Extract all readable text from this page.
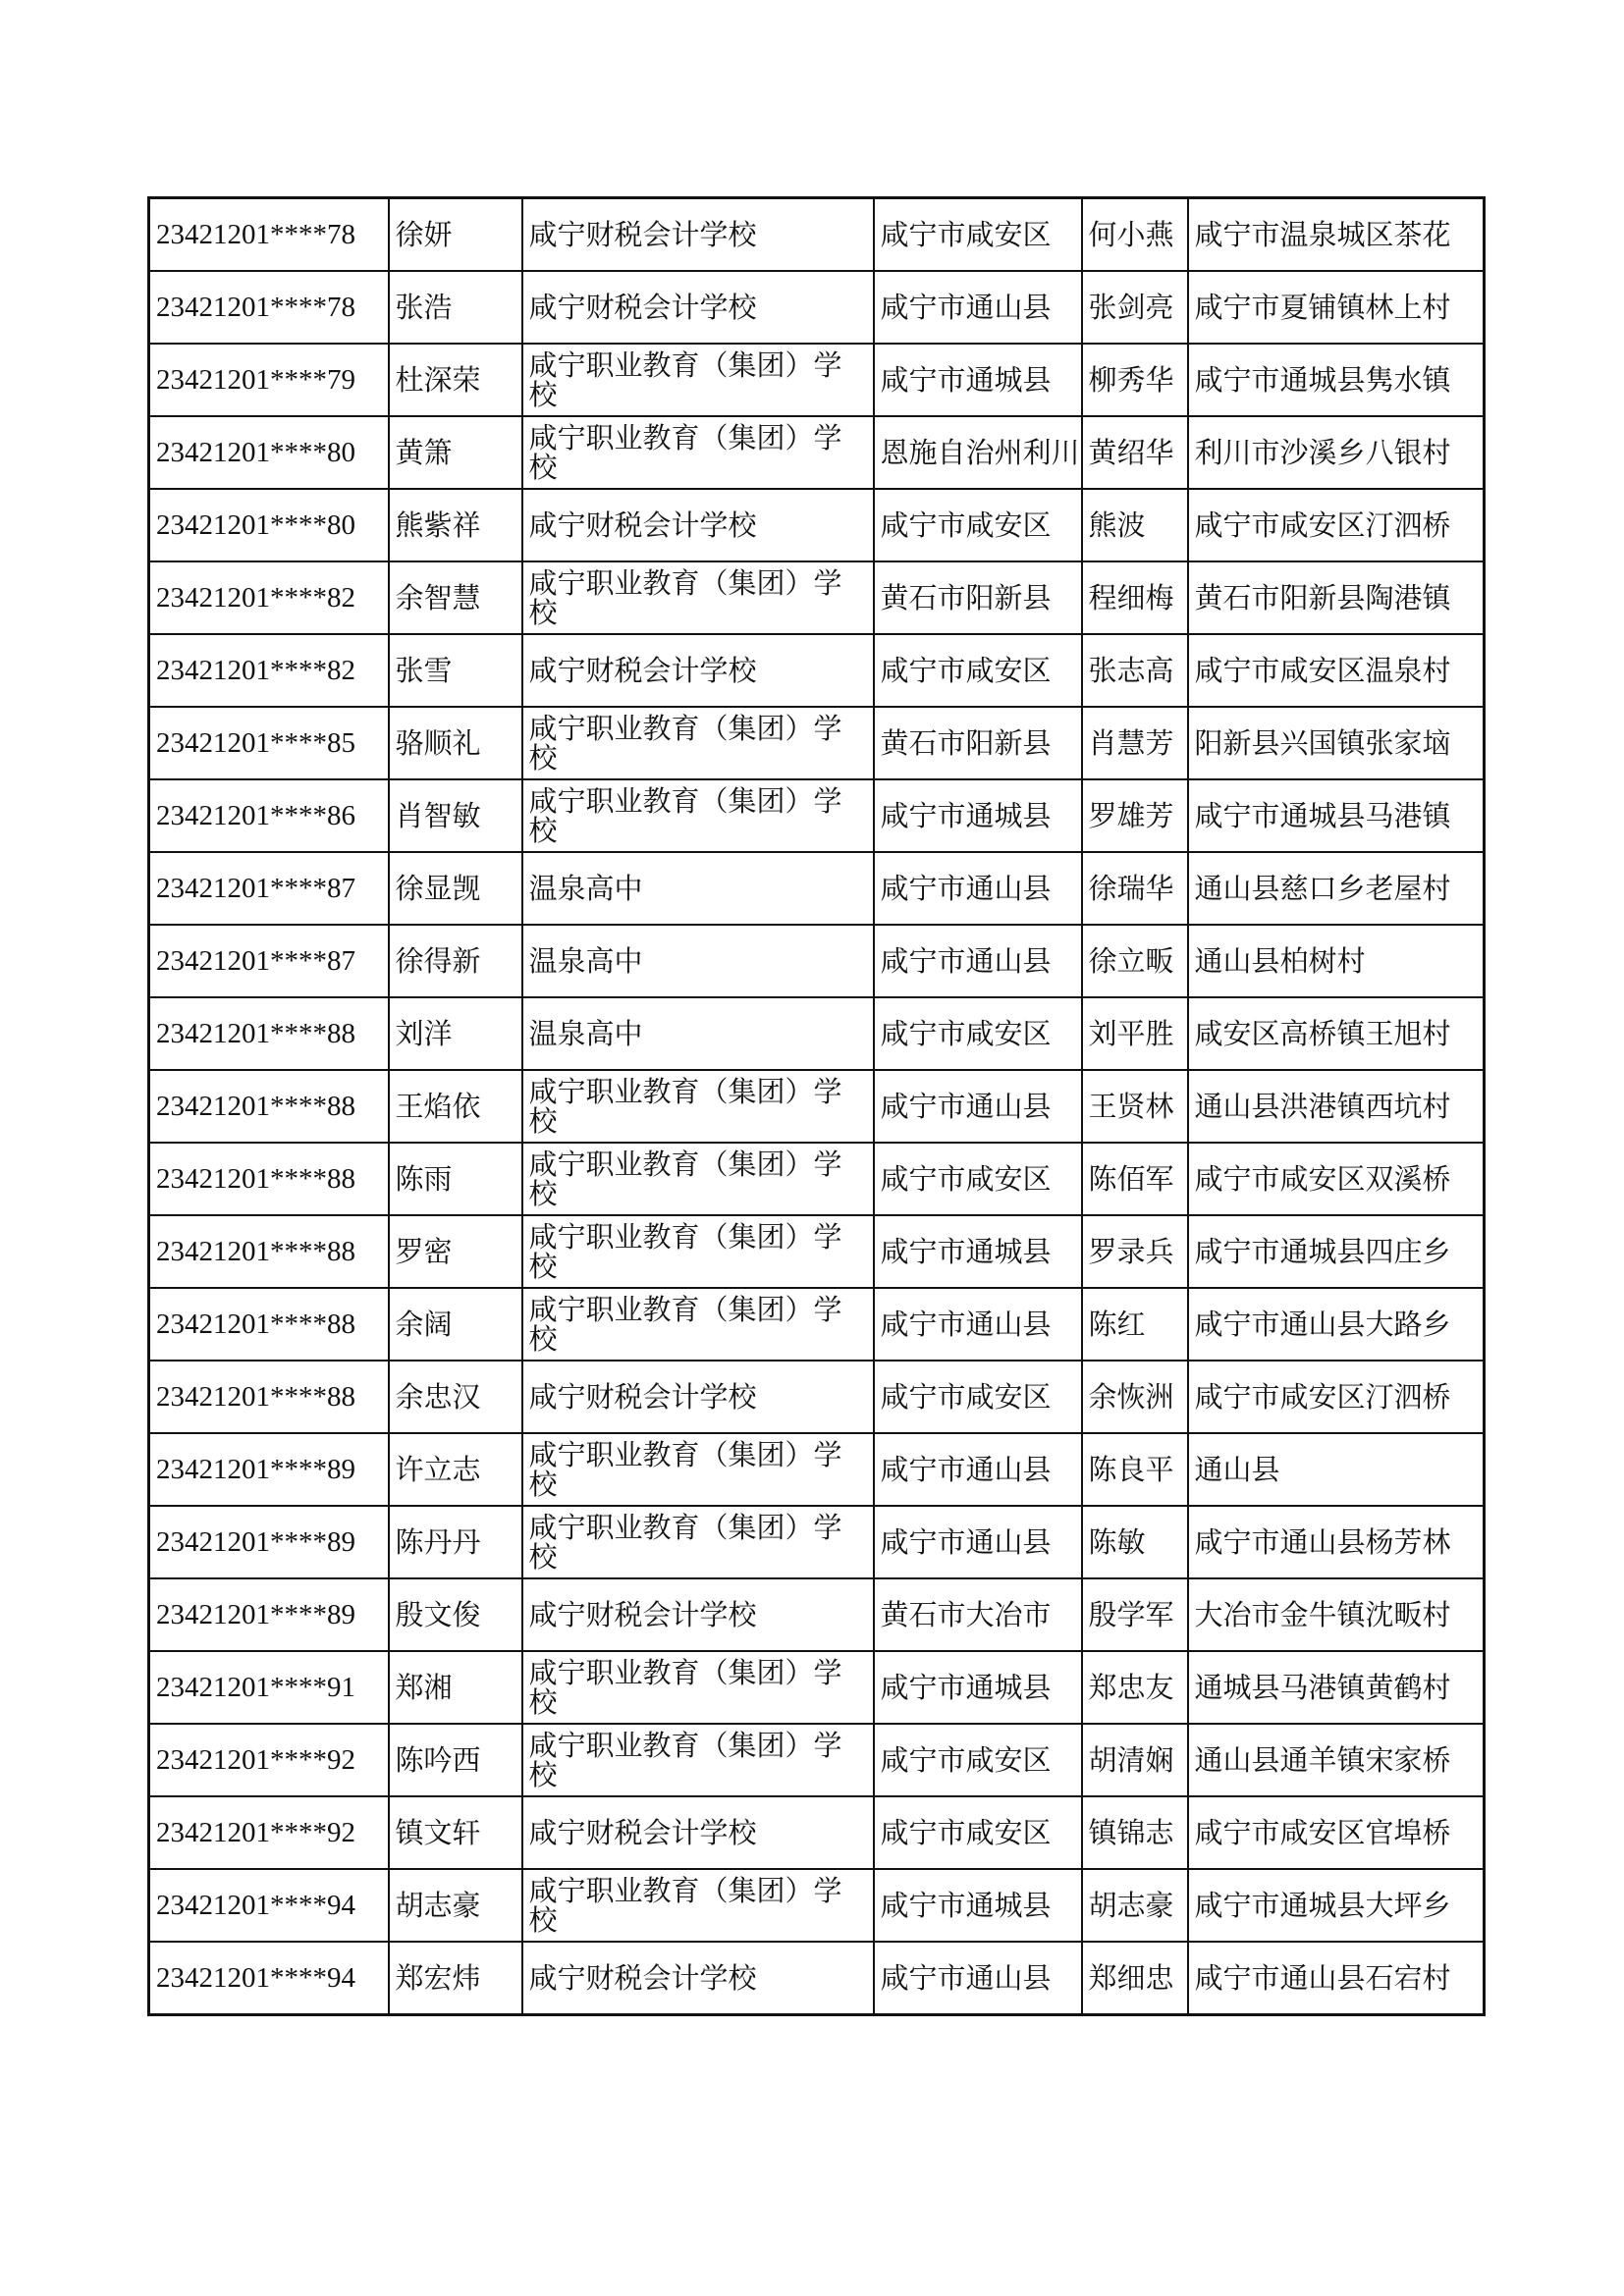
23421201****78	徐妍	咸宁财税会计学校	咸宁市咸安区	何小燕	咸宁市温泉城区茶花
23421201****78	张浩	咸宁财税会计学校	咸宁市通山县	张剑亮	咸宁市夏铺镇林上村
23421201****79	杜深荣	咸宁职业教育（集团）学校	咸宁市通城县	柳秀华	咸宁市通城县隽水镇
23421201****80	黄箫	咸宁职业教育（集团）学校	恩施自治州利川	黄绍华	利川市沙溪乡八银村
23421201****80	熊紫祥	咸宁财税会计学校	咸宁市咸安区	熊波	咸宁市咸安区汀泗桥
23421201****82	余智慧	咸宁职业教育（集团）学校	黄石市阳新县	程细梅	黄石市阳新县陶港镇
23421201****82	张雪	咸宁财税会计学校	咸宁市咸安区	张志高	咸宁市咸安区温泉村
23421201****85	骆顺礼	咸宁职业教育（集团）学校	黄石市阳新县	肖慧芳	阳新县兴国镇张家垴
23421201****86	肖智敏	咸宁职业教育（集团）学校	咸宁市通城县	罗雄芳	咸宁市通城县马港镇
23421201****87	徐显觊	温泉高中	咸宁市通山县	徐瑞华	通山县慈口乡老屋村
23421201****87	徐得新	温泉高中	咸宁市通山县	徐立畈	通山县柏树村
23421201****88	刘洋	温泉高中	咸宁市咸安区	刘平胜	咸安区高桥镇王旭村
23421201****88	王焰依	咸宁职业教育（集团）学校	咸宁市通山县	王贤林	通山县洪港镇西坑村
23421201****88	陈雨	咸宁职业教育（集团）学校	咸宁市咸安区	陈佰军	咸宁市咸安区双溪桥
23421201****88	罗密	咸宁职业教育（集团）学校	咸宁市通城县	罗录兵	咸宁市通城县四庄乡
23421201****88	余阔	咸宁职业教育（集团）学校	咸宁市通山县	陈红	咸宁市通山县大路乡
23421201****88	余忠汉	咸宁财税会计学校	咸宁市咸安区	余恢洲	咸宁市咸安区汀泗桥
23421201****89	许立志	咸宁职业教育（集团）学校	咸宁市通山县	陈良平	通山县
23421201****89	陈丹丹	咸宁职业教育（集团）学校	咸宁市通山县	陈敏	咸宁市通山县杨芳林
23421201****89	殷文俊	咸宁财税会计学校	黄石市大冶市	殷学军	大冶市金牛镇沈畈村
23421201****91	郑湘	咸宁职业教育（集团）学校	咸宁市通城县	郑忠友	通城县马港镇黄鹤村
23421201****92	陈吟西	咸宁职业教育（集团）学校	咸宁市咸安区	胡清娴	通山县通羊镇宋家桥
23421201****92	镇文轩	咸宁财税会计学校	咸宁市咸安区	镇锦志	咸宁市咸安区官埠桥
23421201****94	胡志豪	咸宁职业教育（集团）学校	咸宁市通城县	胡志豪	咸宁市通城县大坪乡
23421201****94	郑宏炜	咸宁财税会计学校	咸宁市通山县	郑细忠	咸宁市通山县石宕村
